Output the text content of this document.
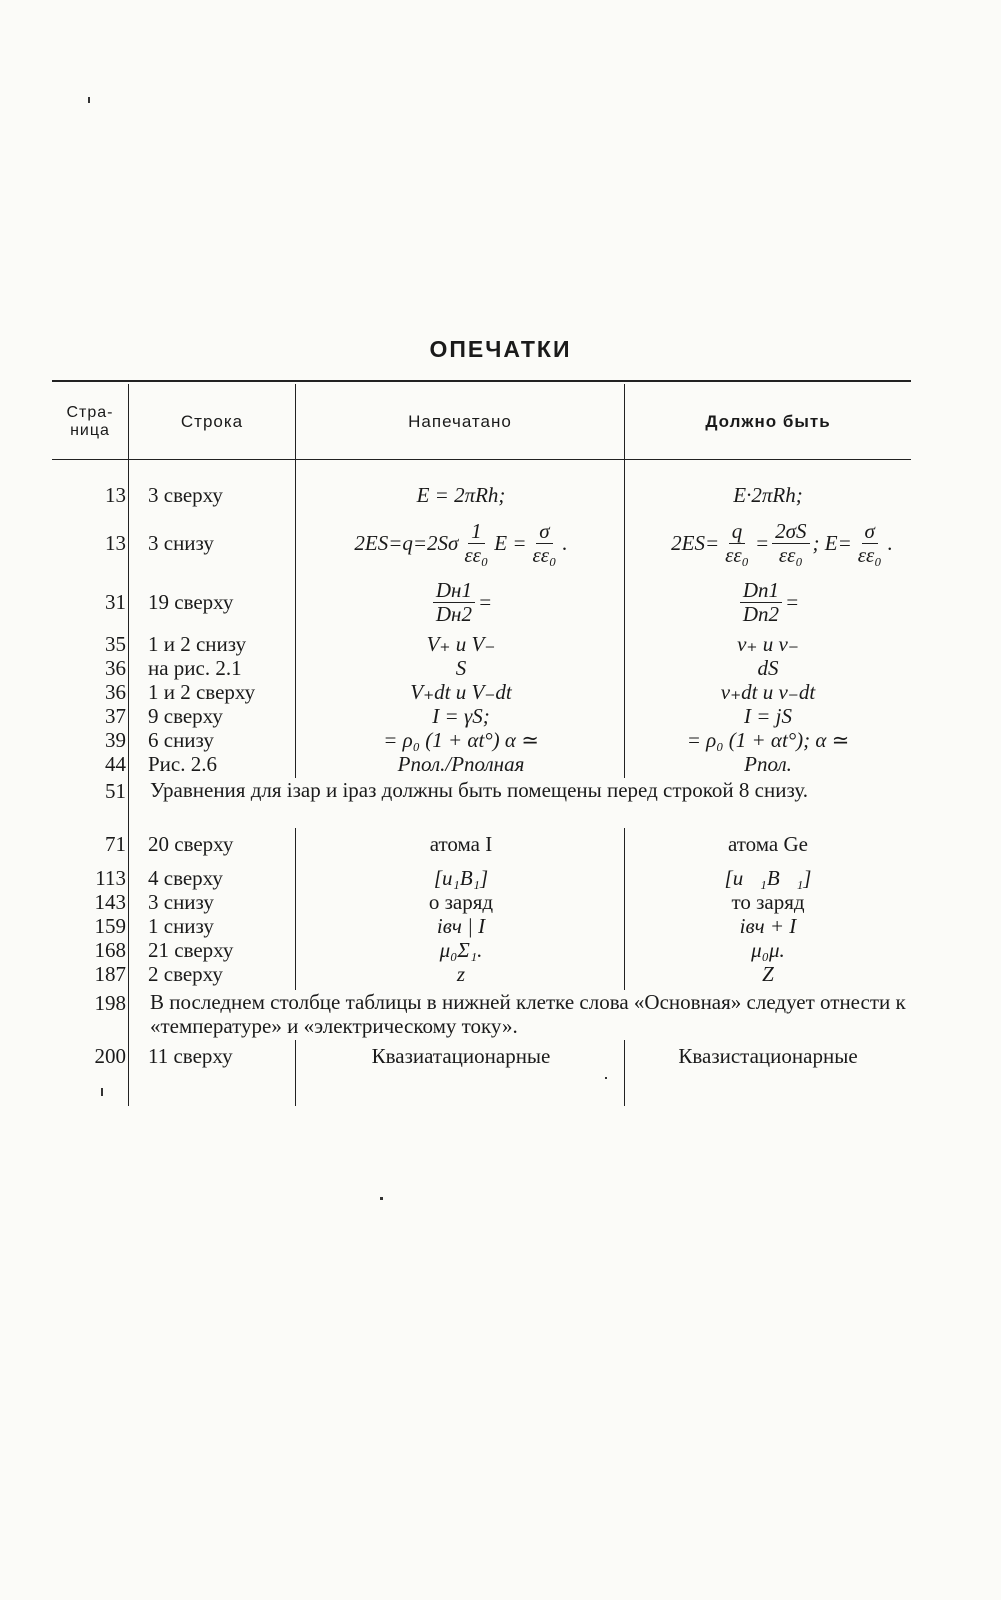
ОПЕЧАТКИ
Стра-
ница	Строка	Напечатано	Должно быть
13 3 сверху	E = 2πRh;	E·2πRh;
13 3 снизу	$2ES=q=2S\sigma \frac{1}{\text{εε₀}}$ $E = \frac{\sigma}{\text{εε₀}}$ .	$2ES= \frac{q}{\text{εε₀}} = \frac{2\sigma S}{\text{εε₀}}$ ; $E= \frac{\sigma}{\text{εε₀}}$ .
31 19 сверху	$\frac{Dн1}{Dн2}$ =	$\frac{Dn1}{Dn2}$ =
35 1 и 2 снизу	V₊ и V₋	v₊ и v₋
36 на рис. 2.1	S	dS
36 1 и 2 сверху	V₊dt и V₋dt	v₊dt и v₋dt
37 9 сверху	I = γS;	I = jS
39 6 снизу	= ρ₀ (1 + αt°) α ≃	= ρ₀ (1 + αt°); α ≃
44 Рис. 2.6	Pпол./Pполная	Pпол.
51 Уравнения для iзар и iраз должны быть помещены перед строкой 8 снизу.
71 20 сверху	атома I	атома Ge
113 4 сверху	[u₁B₁]	[u⃗₁B⃗₁]
143 3 снизу	о заряд	то заряд
159 1 снизу	iвч | I	iвч + I
168 21 сверху	μ₀Σ₁.	μ₀μ.
187 2 сверху	z	Z
198 В последнем столбце таблицы в нижней клетке слова «Основная» следует отнести к «температуре» и «электрическому току».
200 11 сверху	Квазиатационарные	Квазистационарные
